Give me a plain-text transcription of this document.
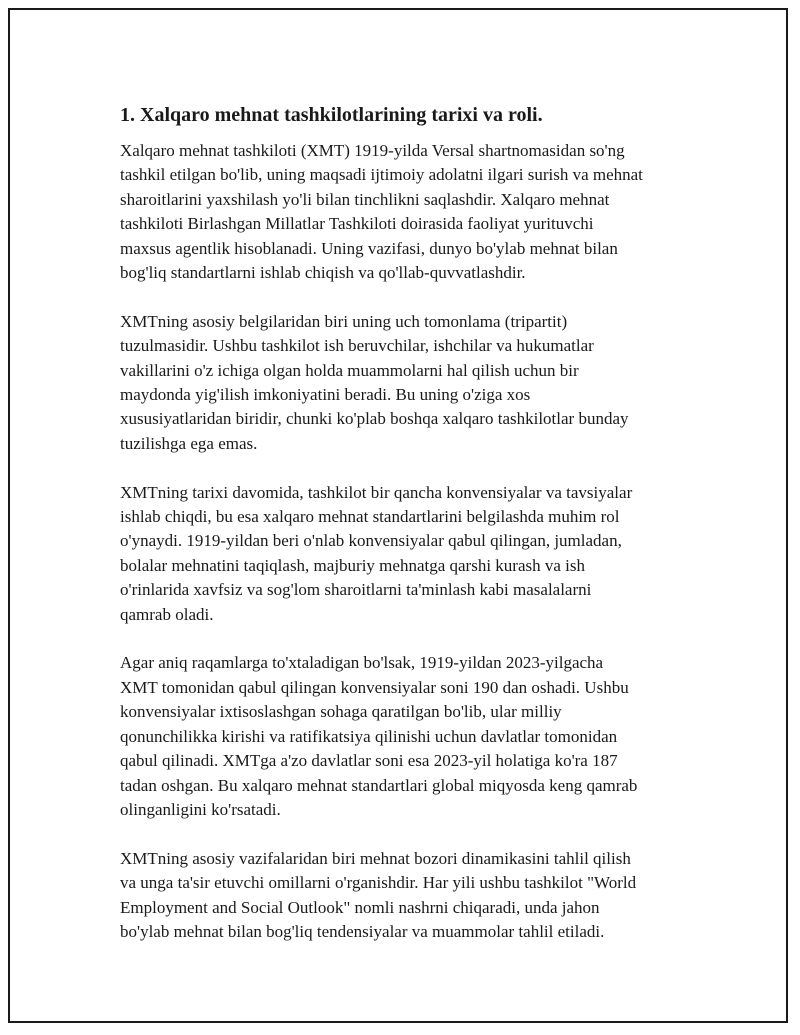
1. Xalqaro mehnat tashkilotlarining tarixi va roli.
Xalqaro mehnat tashkiloti (XMT) 1919-yilda Versal shartnomasidan so'ng
tashkil etilgan bo'lib, uning maqsadi ijtimoiy adolatni ilgari surish va mehnat
sharoitlarini yaxshilash yo'li bilan tinchlikni saqlashdir. Xalqaro mehnat
tashkiloti Birlashgan Millatlar Tashkiloti doirasida faoliyat yurituvchi
maxsus agentlik hisoblanadi. Uning vazifasi, dunyo bo'ylab mehnat bilan
bog'liq standartlarni ishlab chiqish va qo'llab-quvvatlashdir.
XMTning asosiy belgilaridan biri uning uch tomonlama (tripartit)
tuzulmasidir. Ushbu tashkilot ish beruvchilar, ishchilar va hukumatlar
vakillarini o'z ichiga olgan holda muammolarni hal qilish uchun bir
maydonda yig'ilish imkoniyatini beradi. Bu uning o'ziga xos
xususiyatlaridan biridir, chunki ko'plab boshqa xalqaro tashkilotlar bunday
tuzilishga ega emas.
XMTning tarixi davomida, tashkilot bir qancha konvensiyalar va tavsiyalar
ishlab chiqdi, bu esa xalqaro mehnat standartlarini belgilashda muhim rol
o'ynaydi. 1919-yildan beri o'nlab konvensiyalar qabul qilingan, jumladan,
bolalar mehnatini taqiqlash, majburiy mehnatga qarshi kurash va ish
o'rinlarida xavfsiz va sog'lom sharoitlarni ta'minlash kabi masalalarni
qamrab oladi.
Agar aniq raqamlarga to'xtaladigan bo'lsak, 1919-yildan 2023-yilgacha
XMT tomonidan qabul qilingan konvensiyalar soni 190 dan oshadi. Ushbu
konvensiyalar ixtisoslashgan sohaga qaratilgan bo'lib, ular milliy
qonunchilikka kirishi va ratifikatsiya qilinishi uchun davlatlar tomonidan
qabul qilinadi. XMTga a'zo davlatlar soni esa 2023-yil holatiga ko'ra 187
tadan oshgan. Bu xalqaro mehnat standartlari global miqyosda keng qamrab
olinganligini ko'rsatadi.
XMTning asosiy vazifalaridan biri mehnat bozori dinamikasini tahlil qilish
va unga ta'sir etuvchi omillarni o'rganishdir. Har yili ushbu tashkilot "World
Employment and Social Outlook" nomli nashrni chiqaradi, unda jahon
bo'ylab mehnat bilan bog'liq tendensiyalar va muammolar tahlil etiladi.
